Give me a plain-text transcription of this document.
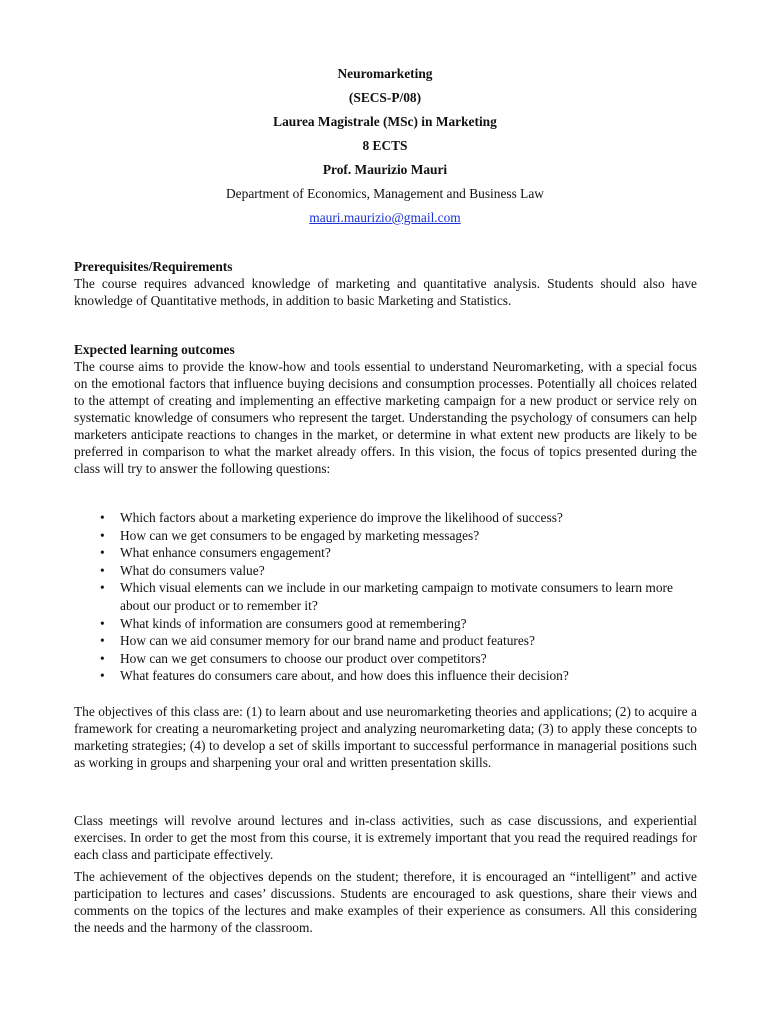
Neuromarketing
(SECS-P/08)
Laurea Magistrale (MSc) in Marketing
8 ECTS
Prof. Maurizio Mauri
Department of Economics, Management and Business Law
mauri.maurizio@gmail.com
Prerequisites/Requirements
The course requires advanced knowledge of marketing and quantitative analysis. Students should also have knowledge of Quantitative methods, in addition to basic Marketing and Statistics.
Expected learning outcomes
The course aims to provide the know-how and tools essential to understand Neuromarketing, with a special focus on the emotional factors that influence buying decisions and consumption processes. Potentially all choices related to the attempt of creating and implementing an effective marketing campaign for a new product or service rely on systematic knowledge of consumers who represent the target. Understanding the psychology of consumers can help marketers anticipate reactions to changes in the market, or determine in what extent new products are likely to be preferred in comparison to what the market already offers. In this vision, the focus of topics presented during the class will try to answer the following questions:
• Which factors about a marketing experience do improve the likelihood of success?
• How can we get consumers to be engaged by marketing messages?
• What enhance consumers engagement?
• What do consumers value?
• Which visual elements can we include in our marketing campaign to motivate consumers to learn more about our product or to remember it?
• What kinds of information are consumers good at remembering?
• How can we aid consumer memory for our brand name and product features?
• How can we get consumers to choose our product over competitors?
• What features do consumers care about, and how does this influence their decision?
The objectives of this class are: (1) to learn about and use neuromarketing theories and applications; (2) to acquire a framework for creating a neuromarketing project and analyzing neuromarketing data; (3) to apply these concepts to marketing strategies; (4) to develop a set of skills important to successful performance in managerial positions such as working in groups and sharpening your oral and written presentation skills.
Class meetings will revolve around lectures and in-class activities, such as case discussions, and experiential exercises. In order to get the most from this course, it is extremely important that you read the required readings for each class and participate effectively.
The achievement of the objectives depends on the student; therefore, it is encouraged an “intelligent” and active participation to lectures and cases’ discussions. Students are encouraged to ask questions, share their views and comments on the topics of the lectures and make examples of their experience as consumers. All this considering the needs and the harmony of the classroom.
